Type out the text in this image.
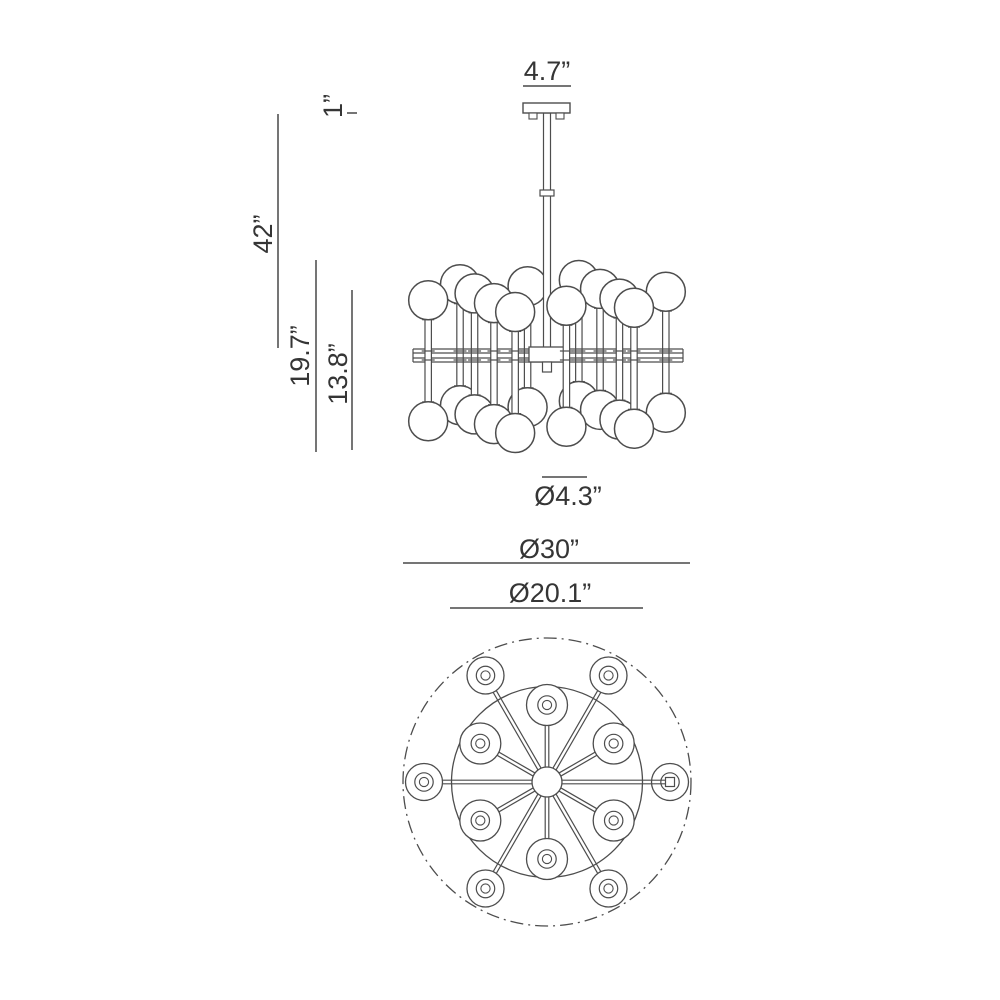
4.7”
1”
42”
19.7” 13.8”
Ø4.3”
Ø30”
Ø20.1”
